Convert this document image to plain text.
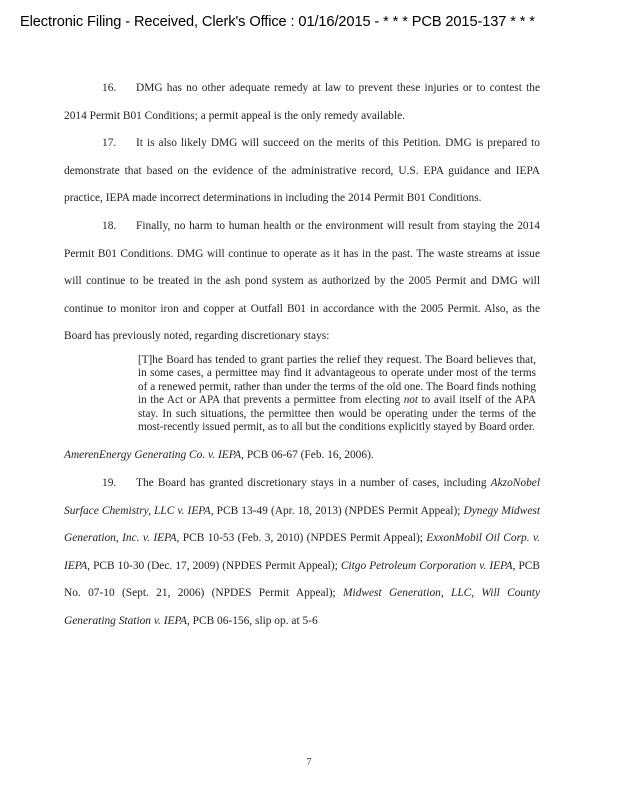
Electronic Filing - Received, Clerk's Office : 01/16/2015 - * * * PCB 2015-137 * * *

16. DMG has no other adequate remedy at law to prevent these injuries or to contest the 2014 Permit B01 Conditions; a permit appeal is the only remedy available.

17. It is also likely DMG will succeed on the merits of this Petition. DMG is prepared to demonstrate that based on the evidence of the administrative record, U.S. EPA guidance and IEPA practice, IEPA made incorrect determinations in including the 2014 Permit B01 Conditions.

18. Finally, no harm to human health or the environment will result from staying the 2014 Permit B01 Conditions. DMG will continue to operate as it has in the past. The waste streams at issue will continue to be treated in the ash pond system as authorized by the 2005 Permit and DMG will continue to monitor iron and copper at Outfall B01 in accordance with the 2005 Permit. Also, as the Board has previously noted, regarding discretionary stays:

[T]he Board has tended to grant parties the relief they request. The Board believes that, in some cases, a permittee may find it advantageous to operate under most of the terms of a renewed permit, rather than under the terms of the old one. The Board finds nothing in the Act or APA that prevents a permittee from electing not to avail itself of the APA stay. In such situations, the permittee then would be operating under the terms of the most-recently issued permit, as to all but the conditions explicitly stayed by Board order.

AmerenEnergy Generating Co. v. IEPA, PCB 06-67 (Feb. 16, 2006).

19. The Board has granted discretionary stays in a number of cases, including AkzoNobel Surface Chemistry, LLC v. IEPA, PCB 13-49 (Apr. 18, 2013) (NPDES Permit Appeal); Dynegy Midwest Generation, Inc. v. IEPA, PCB 10-53 (Feb. 3, 2010) (NPDES Permit Appeal); ExxonMobil Oil Corp. v. IEPA, PCB 10-30 (Dec. 17, 2009) (NPDES Permit Appeal); Citgo Petroleum Corporation v. IEPA, PCB No. 07-10 (Sept. 21, 2006) (NPDES Permit Appeal); Midwest Generation, LLC, Will County Generating Station v. IEPA, PCB 06-156, slip op. at 5-6

7
